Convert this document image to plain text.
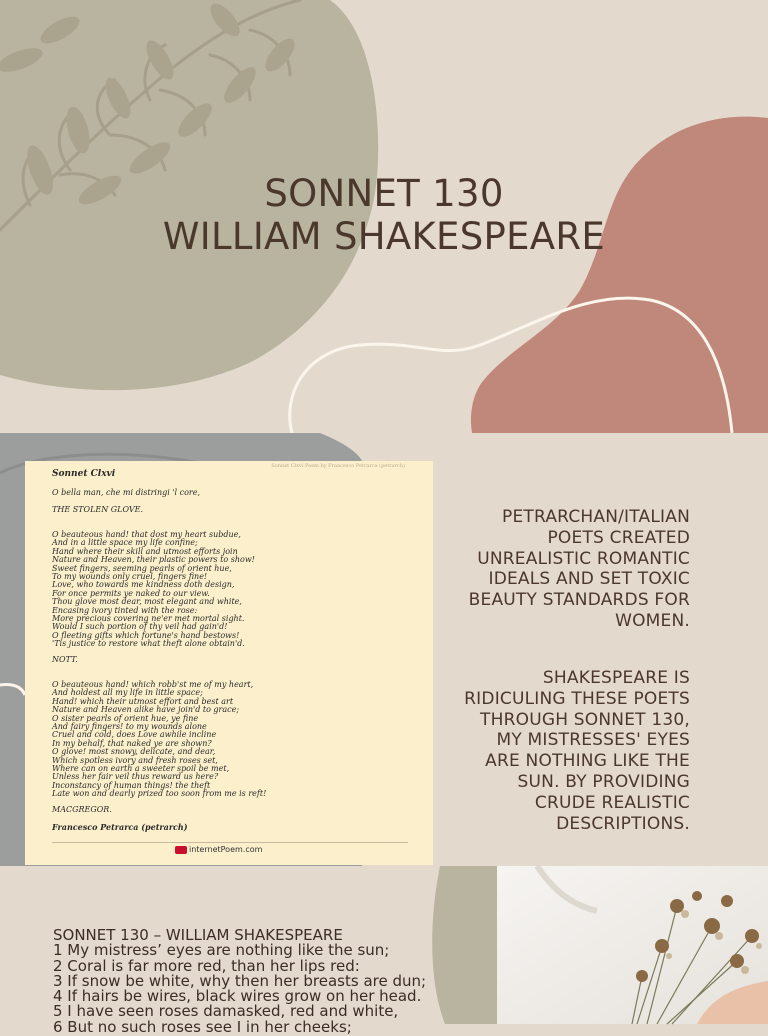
SONNET 130
WILLIAM SHAKESPEARE
Sonnet Clxvi Poem by Francesco Petrarca (petrarch)
Sonnet Clxvi
O bella man, che mi distringi 'l core,
THE STOLEN GLOVE.
O beauteous hand! that dost my heart subdue,
And in a little space my life confine;
Hand where their skill and utmost efforts join
Nature and Heaven, their plastic powers to show!
Sweet fingers, seeming pearls of orient hue,
To my wounds only cruel, fingers fine!
Love, who towards me kindness doth design,
For once permits ye naked to our view.
Thou glove most dear, most elegant and white,
Encasing ivory tinted with the rose:
More precious covering ne'er met mortal sight.
Would I such portion of thy veil had gain'd!
O fleeting gifts which fortune's hand bestows!
'Tis justice to restore what theft alone obtain'd.
NOTT.
O beauteous hand! which robb'st me of my heart,
And holdest all my life in little space;
Hand! which their utmost effort and best art
Nature and Heaven alike have join'd to grace;
O sister pearls of orient hue, ye fine
And fairy fingers! to my wounds alone
Cruel and cold, does Love awhile incline
In my behalf, that naked ye are shown?
O glove! most snowy, delicate, and dear,
Which spotless ivory and fresh roses set,
Where can on earth a sweeter spoil be met,
Unless her fair veil thus reward us here?
Inconstancy of human things! the theft
Late won and dearly prized too soon from me is reft!
MACGREGOR.
Francesco Petrarca (petrarch)
internetPoem.com
PETRARCHAN/ITALIAN
POETS CREATED
UNREALISTIC ROMANTIC
IDEALS AND SET TOXIC
BEAUTY STANDARDS FOR
WOMEN.
SHAKESPEARE IS
RIDICULING THESE POETS
THROUGH SONNET 130,
MY MISTRESSES' EYES
ARE NOTHING LIKE THE
SUN. BY PROVIDING
CRUDE REALISTIC
DESCRIPTIONS.
SONNET 130 – WILLIAM SHAKESPEARE
1 My mistress’ eyes are nothing like the sun;
2 Coral is far more red, than her lips red:
3 If snow be white, why then her breasts are dun;
4 If hairs be wires, black wires grow on her head.
5 I have seen roses damasked, red and white,
6 But no such roses see I in her cheeks;
